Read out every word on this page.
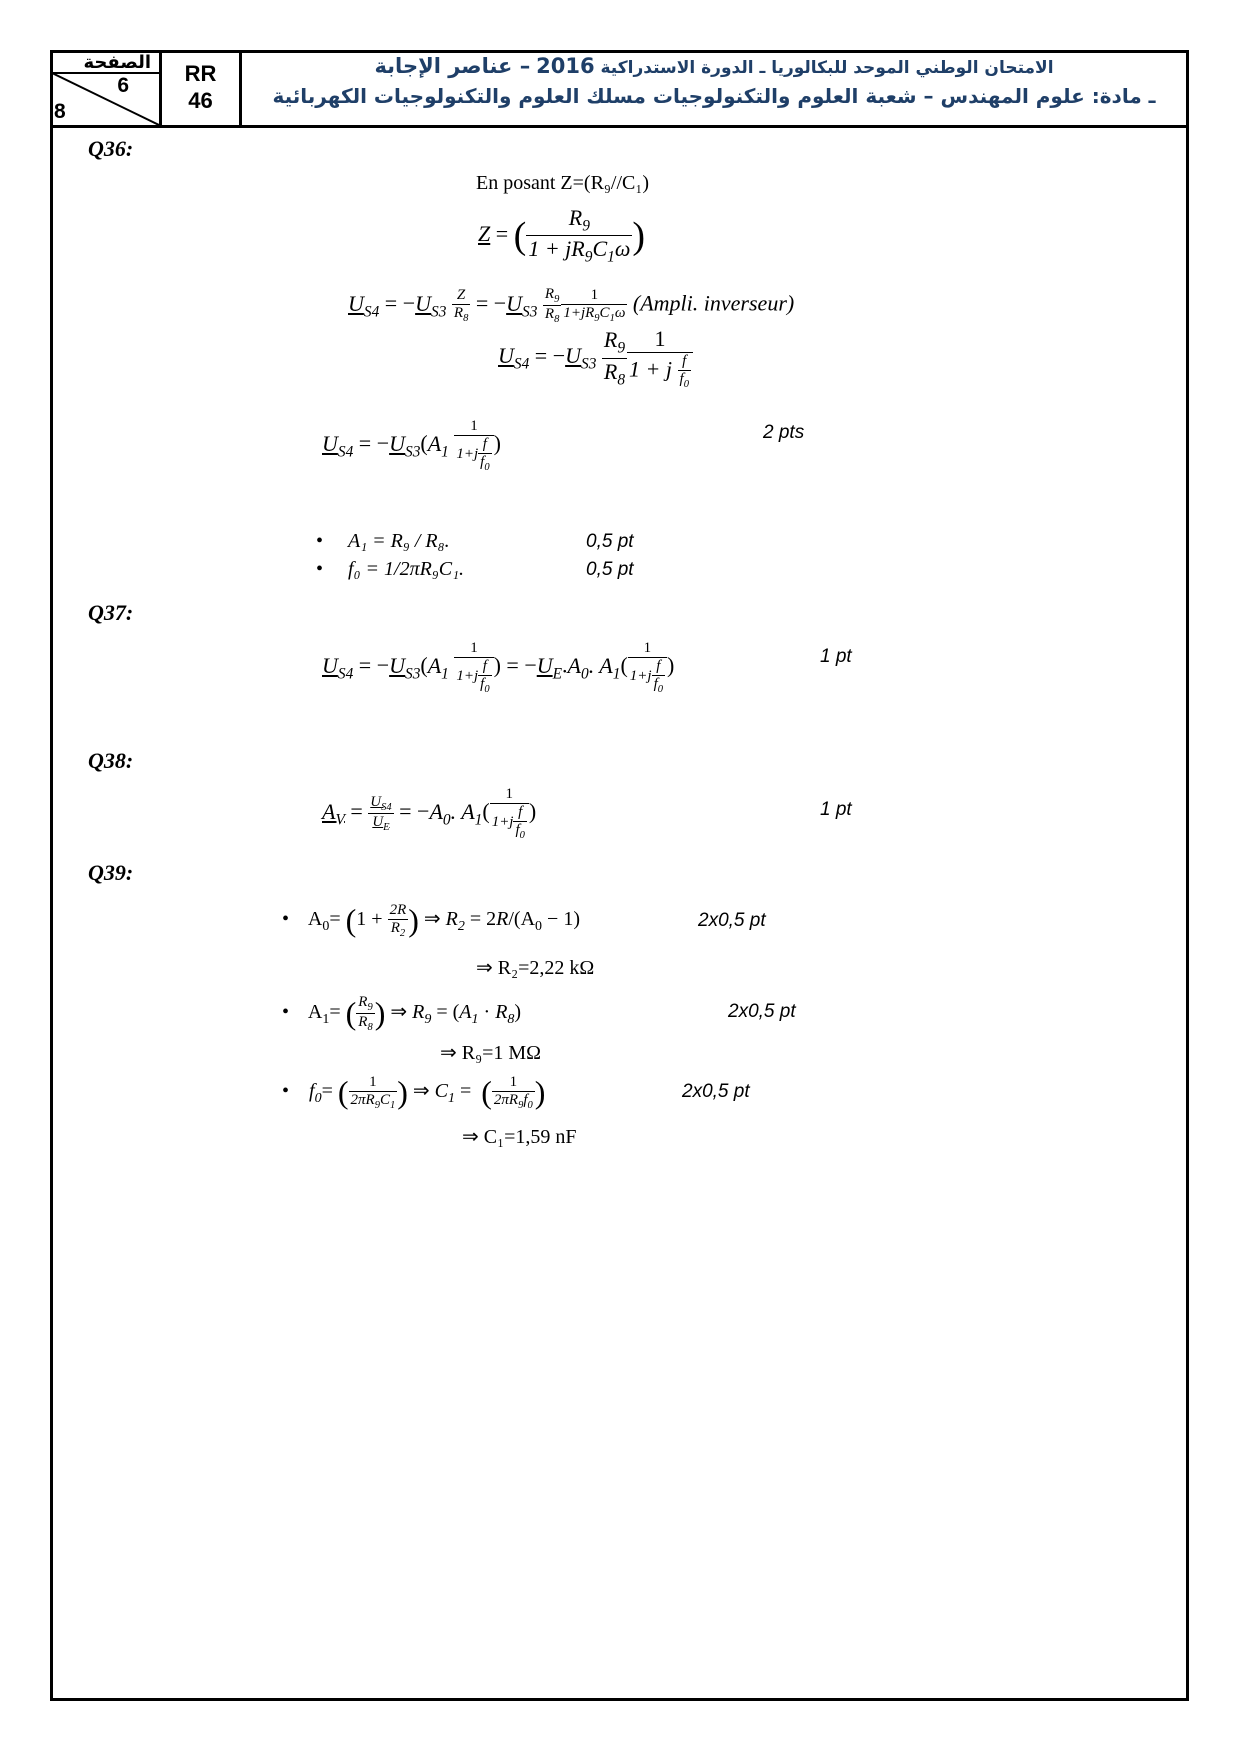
الصفحة
6
8
RR
46
الامتحان الوطني الموحد للبكالوريا ـ الدورة الاستدراكية 2016 – عناصر الإجابة
ـ مادة: علوم المهندس – شعبة العلوم والتكنولوجيات مسلك العلوم والتكنولوجيات الكهربائية
Q36:
En posant Z=(R₉//C₁)
Z = ( $\frac{R_9}{1 + jR_9C_1\omega}$ )
$U_{S4} = -U_{S3} \frac{Z}{R_8} = -U_{S3} \frac{R_9}{R_8} \frac{1}{1+jR_9C_1\omega}$ (Ampli. inverseur)
$U_{S4} = -U_{S3} \frac{R_9}{R_8} \frac{1}{1 + j \frac{f}{f_0}}$
$U_{S4} = -U_{S3}(A_1 \frac{1}{1+j \frac{f}{f_0}}$ )	2 pts
• A₁ = R₉ / R₈.	0,5 pt
• f₀ = 1/2πR₉C₁.	0,5 pt
Q37:
$U_{S4} = -U_{S3}(A_1 \frac{1}{1+j \frac{f}{f_0}}$ ) = $-U_E.A_0$. $A_1( \frac{1}{1+j \frac{f}{f_0}}$ )	1 pt
Q38:
$A_V = \frac{U_{S4}}{U_E} = -A_0$. $A_1( \frac{1}{1+j \frac{f}{f_0}}$ )	1 pt
Q39:
•    $A_0= (1 + \frac{2R}{R_2}$ ) ⇒ $R_2 = 2R/(A_0 - 1)$	2x0,5 pt
⇒ R₂=2,22 kΩ
•    $A_1=$ ( $\frac{R_9}{R_8}$ ) ⇒ $R_9 = (A_1 \cdot R_8)$	2x0,5 pt
⇒ R₉=1 MΩ
•    $f_0=$ ( $\frac{1}{2\pi R_9C_1}$ ) ⇒ $C_1$ =  ( $\frac{1}{2\pi R_9f_0}$ )	2x0,5 pt
⇒ C₁=1,59 nF
